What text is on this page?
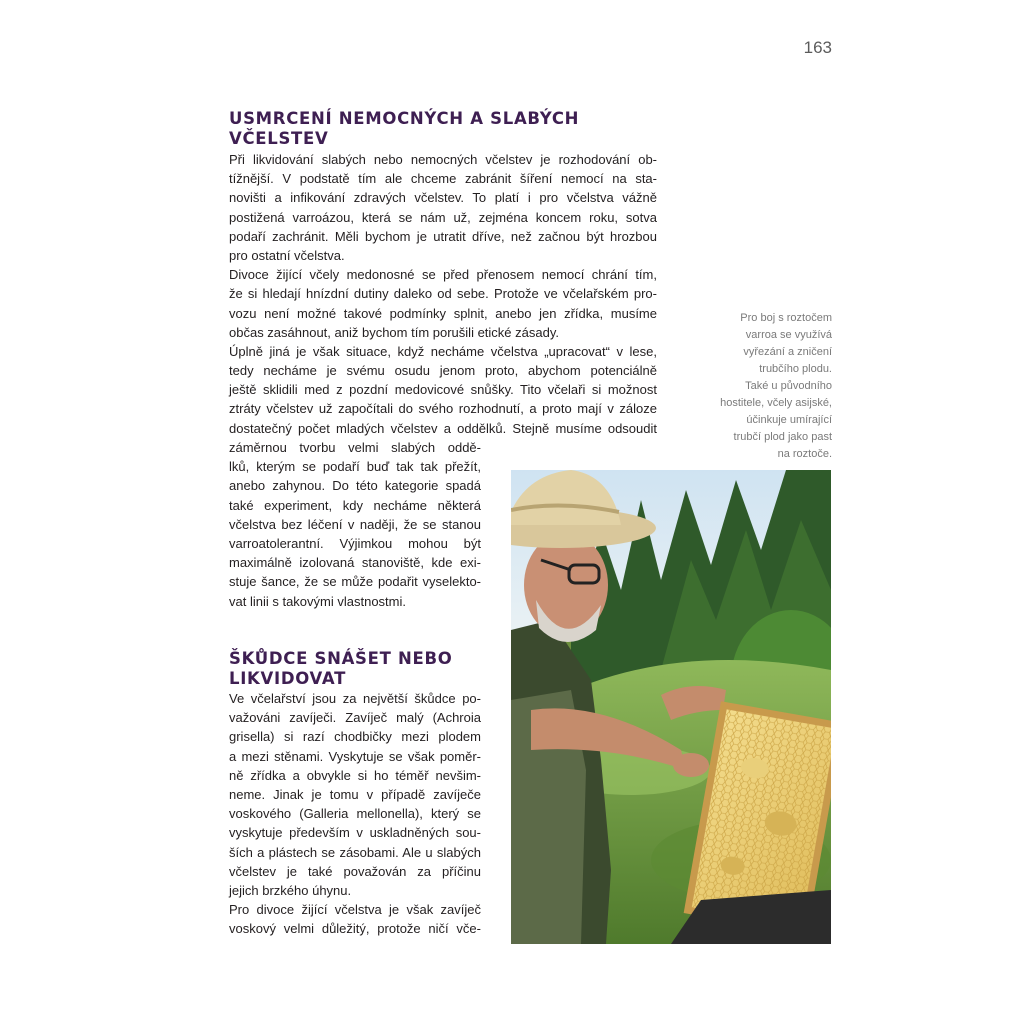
163
USMRCENÍ NEMOCNÝCH A SLABÝCH
VČELSTEV
Při likvidování slabých nebo nemocných včelstev je rozhodování ob-
tížnější. V podstatě tím ale chceme zabránit šíření nemocí na sta-
novišti a infikování zdravých včelstev. To platí i pro včelstva vážně
postižená varroázou, která se nám už, zejména koncem roku, sotva
podaří zachránit. Měli bychom je utratit dříve, než začnou být hrozbou
pro ostatní včelstva.
Divoce žijící včely medonosné se před přenosem nemocí chrání tím,
že si hledají hnízdní dutiny daleko od sebe. Protože ve včelařském pro-
vozu není možné takové podmínky splnit, anebo jen zřídka, musíme
občas zasáhnout, aniž bychom tím porušili etické zásady.
Úplně jiná je však situace, když necháme včelstva „upracovat“ v lese,
tedy necháme je svému osudu jenom proto, abychom potenciálně
ještě sklidili med z pozdní medovicové snůšky. Tito včelaři si možnost
ztráty včelstev už započítali do svého rozhodnutí, a proto mají v záloze
dostatečný počet mladých včelstev a oddělků. Stejně musíme odsoudit
záměrnou tvorbu velmi slabých oddě-
lků, kterým se podaří buď tak tak přežít,
anebo zahynou. Do této kategorie spadá
také experiment, kdy necháme některá
včelstva bez léčení v naději, že se stanou
varroatolerantní. Výjimkou mohou být
maximálně izolovaná stanoviště, kde exi-
stuje šance, že se může podařit vyselekto-
vat linii s takovými vlastnostmi.
ŠKŮDCE SNÁŠET NEBO
LIKVIDOVAT
Ve včelařství jsou za největší škůdce po-
važováni zavíječi. Zavíječ malý (Achroia
grisella) si razí chodbičky mezi plodem
a mezi stěnami. Vyskytuje se však poměr-
ně zřídka a obvykle si ho téměř nevšim-
neme. Jinak je tomu v případě zavíječe
voskového (Galleria mellonella), který se
vyskytuje především v uskladněných sou-
ších a plástech se zásobami. Ale u slabých
včelstev je také považován za příčinu
jejich brzkého úhynu.
Pro divoce žijící včelstva je však zavíječ
voskový velmi důležitý, protože ničí vče-
Pro boj s roztočem
varroa se využívá
vyřezání a zničení
trubčího plodu.
Také u původního
hostitele, včely asijské,
účinkuje umírající
trubčí plod jako past
na roztoče.
